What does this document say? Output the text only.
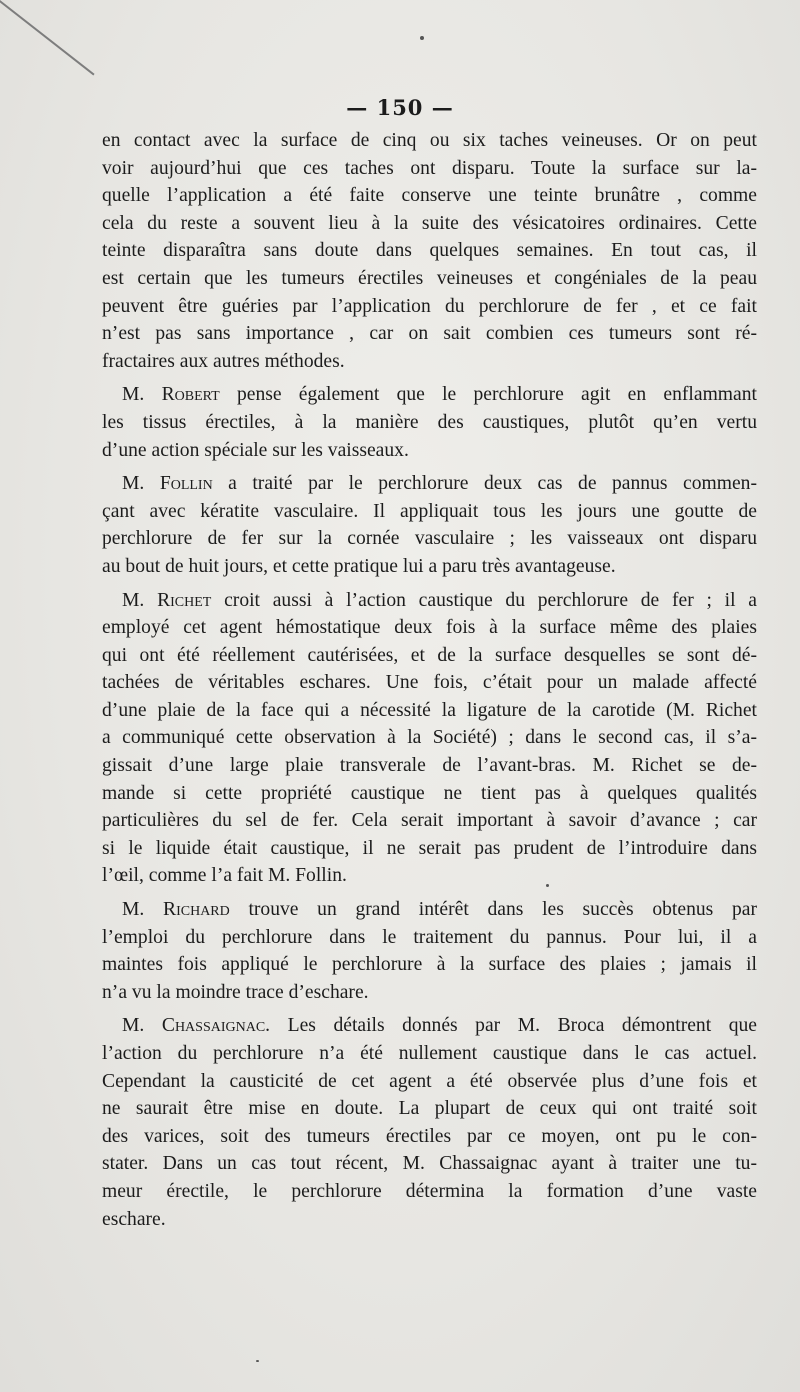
— 150 —
en contact avec la surface de cinq ou six taches veineuses. Or on peut
voir aujourd’hui que ces taches ont disparu. Toute la surface sur la-
quelle l’application a été faite conserve une teinte brunâtre , comme
cela du reste a souvent lieu à la suite des vésicatoires ordinaires. Cette
teinte disparaîtra sans doute dans quelques semaines. En tout cas, il
est certain que les tumeurs érectiles veineuses et congéniales de la peau
peuvent être guéries par l’application du perchlorure de fer , et ce fait
n’est pas sans importance , car on sait combien ces tumeurs sont ré-
fractaires aux autres méthodes.
M. Robert pense également que le perchlorure agit en enflammant
les tissus érectiles, à la manière des caustiques, plutôt qu’en vertu
d’une action spéciale sur les vaisseaux.
M. Follin a traité par le perchlorure deux cas de pannus commen-
çant avec kératite vasculaire. Il appliquait tous les jours une goutte de
perchlorure de fer sur la cornée vasculaire ; les vaisseaux ont disparu
au bout de huit jours, et cette pratique lui a paru très avantageuse.
M. Richet croit aussi à l’action caustique du perchlorure de fer ; il a
employé cet agent hémostatique deux fois à la surface même des plaies
qui ont été réellement cautérisées, et de la surface desquelles se sont dé-
tachées de véritables eschares. Une fois, c’était pour un malade affecté
d’une plaie de la face qui a nécessité la ligature de la carotide (M. Richet
a communiqué cette observation à la Société) ; dans le second cas, il s’a-
gissait d’une large plaie transverale de l’avant-bras. M. Richet se de-
mande si cette propriété caustique ne tient pas à quelques qualités
particulières du sel de fer. Cela serait important à savoir d’avance ; car
si le liquide était caustique, il ne serait pas prudent de l’introduire dans
l’œil, comme l’a fait M. Follin.
M. Richard trouve un grand intérêt dans les succès obtenus par
l’emploi du perchlorure dans le traitement du pannus. Pour lui, il a
maintes fois appliqué le perchlorure à la surface des plaies ; jamais il
n’a vu la moindre trace d’eschare.
M. Chassaignac. Les détails donnés par M. Broca démontrent que
l’action du perchlorure n’a été nullement caustique dans le cas actuel.
Cependant la causticité de cet agent a été observée plus d’une fois et
ne saurait être mise en doute. La plupart de ceux qui ont traité soit
des varices, soit des tumeurs érectiles par ce moyen, ont pu le con-
stater. Dans un cas tout récent, M. Chassaignac ayant à traiter une tu-
meur érectile, le perchlorure détermina la formation d’une vaste
eschare.
